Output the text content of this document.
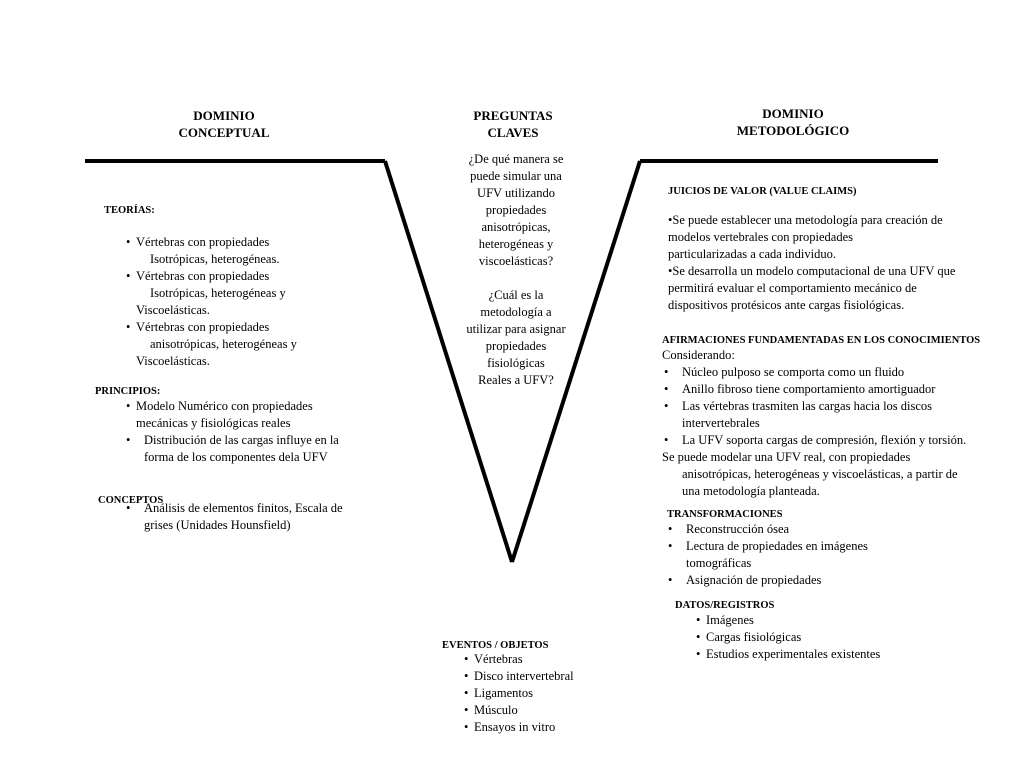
DOMINIO
CONCEPTUAL
PREGUNTAS
CLAVES
DOMINIO
METODOLÓGICO
¿De qué manera se
puede simular una
UFV utilizando
propiedades
anisotrópicas,
heterogéneas y
viscoelásticas?
¿Cuál es la
metodología a
utilizar para asignar
propiedades
fisiológicas
Reales a UFV?
TEORÍAS:
• Vértebras con propiedades
Isotrópicas, heterogéneas.
• Vértebras con propiedades
Isotrópicas, heterogéneas y
Viscoelásticas.
• Vértebras con propiedades
anisotrópicas, heterogéneas y
Viscoelásticas.
PRINCIPIOS:
• Modelo Numérico con propiedades
mecánicas y fisiológicas reales
• Distribución de las cargas influye en la
forma de los componentes dela UFV
CONCEPTOS
• Análisis de elementos finitos, Escala de
grises (Unidades Hounsfield)
EVENTOS / OBJETOS
• Vértebras
• Disco intervertebral
• Ligamentos
• Músculo
• Ensayos in vitro
JUICIOS DE VALOR (VALUE CLAIMS)
•Se puede establecer una metodología para creación de
modelos vertebrales con propiedades
particularizadas a cada individuo.
•Se desarrolla un modelo computacional de una UFV que
permitirá evaluar el comportamiento mecánico de
dispositivos protésicos ante cargas fisiológicas.
AFIRMACIONES FUNDAMENTADAS EN LOS CONOCIMIENTOS
Considerando:
• Núcleo pulposo se comporta como un fluido
• Anillo fibroso tiene comportamiento amortiguador
• Las vértebras trasmiten las cargas hacia los discos
intervertebrales
• La UFV soporta cargas de compresión, flexión y torsión.
Se puede modelar una UFV real, con propiedades
anisotrópicas, heterogéneas y viscoelásticas, a partir de
una metodología planteada.
TRANSFORMACIONES
• Reconstrucción ósea
• Lectura de propiedades en imágenes
tomográficas
• Asignación de propiedades
DATOS/REGISTROS
• Imágenes
• Cargas fisiológicas
• Estudios experimentales existentes
